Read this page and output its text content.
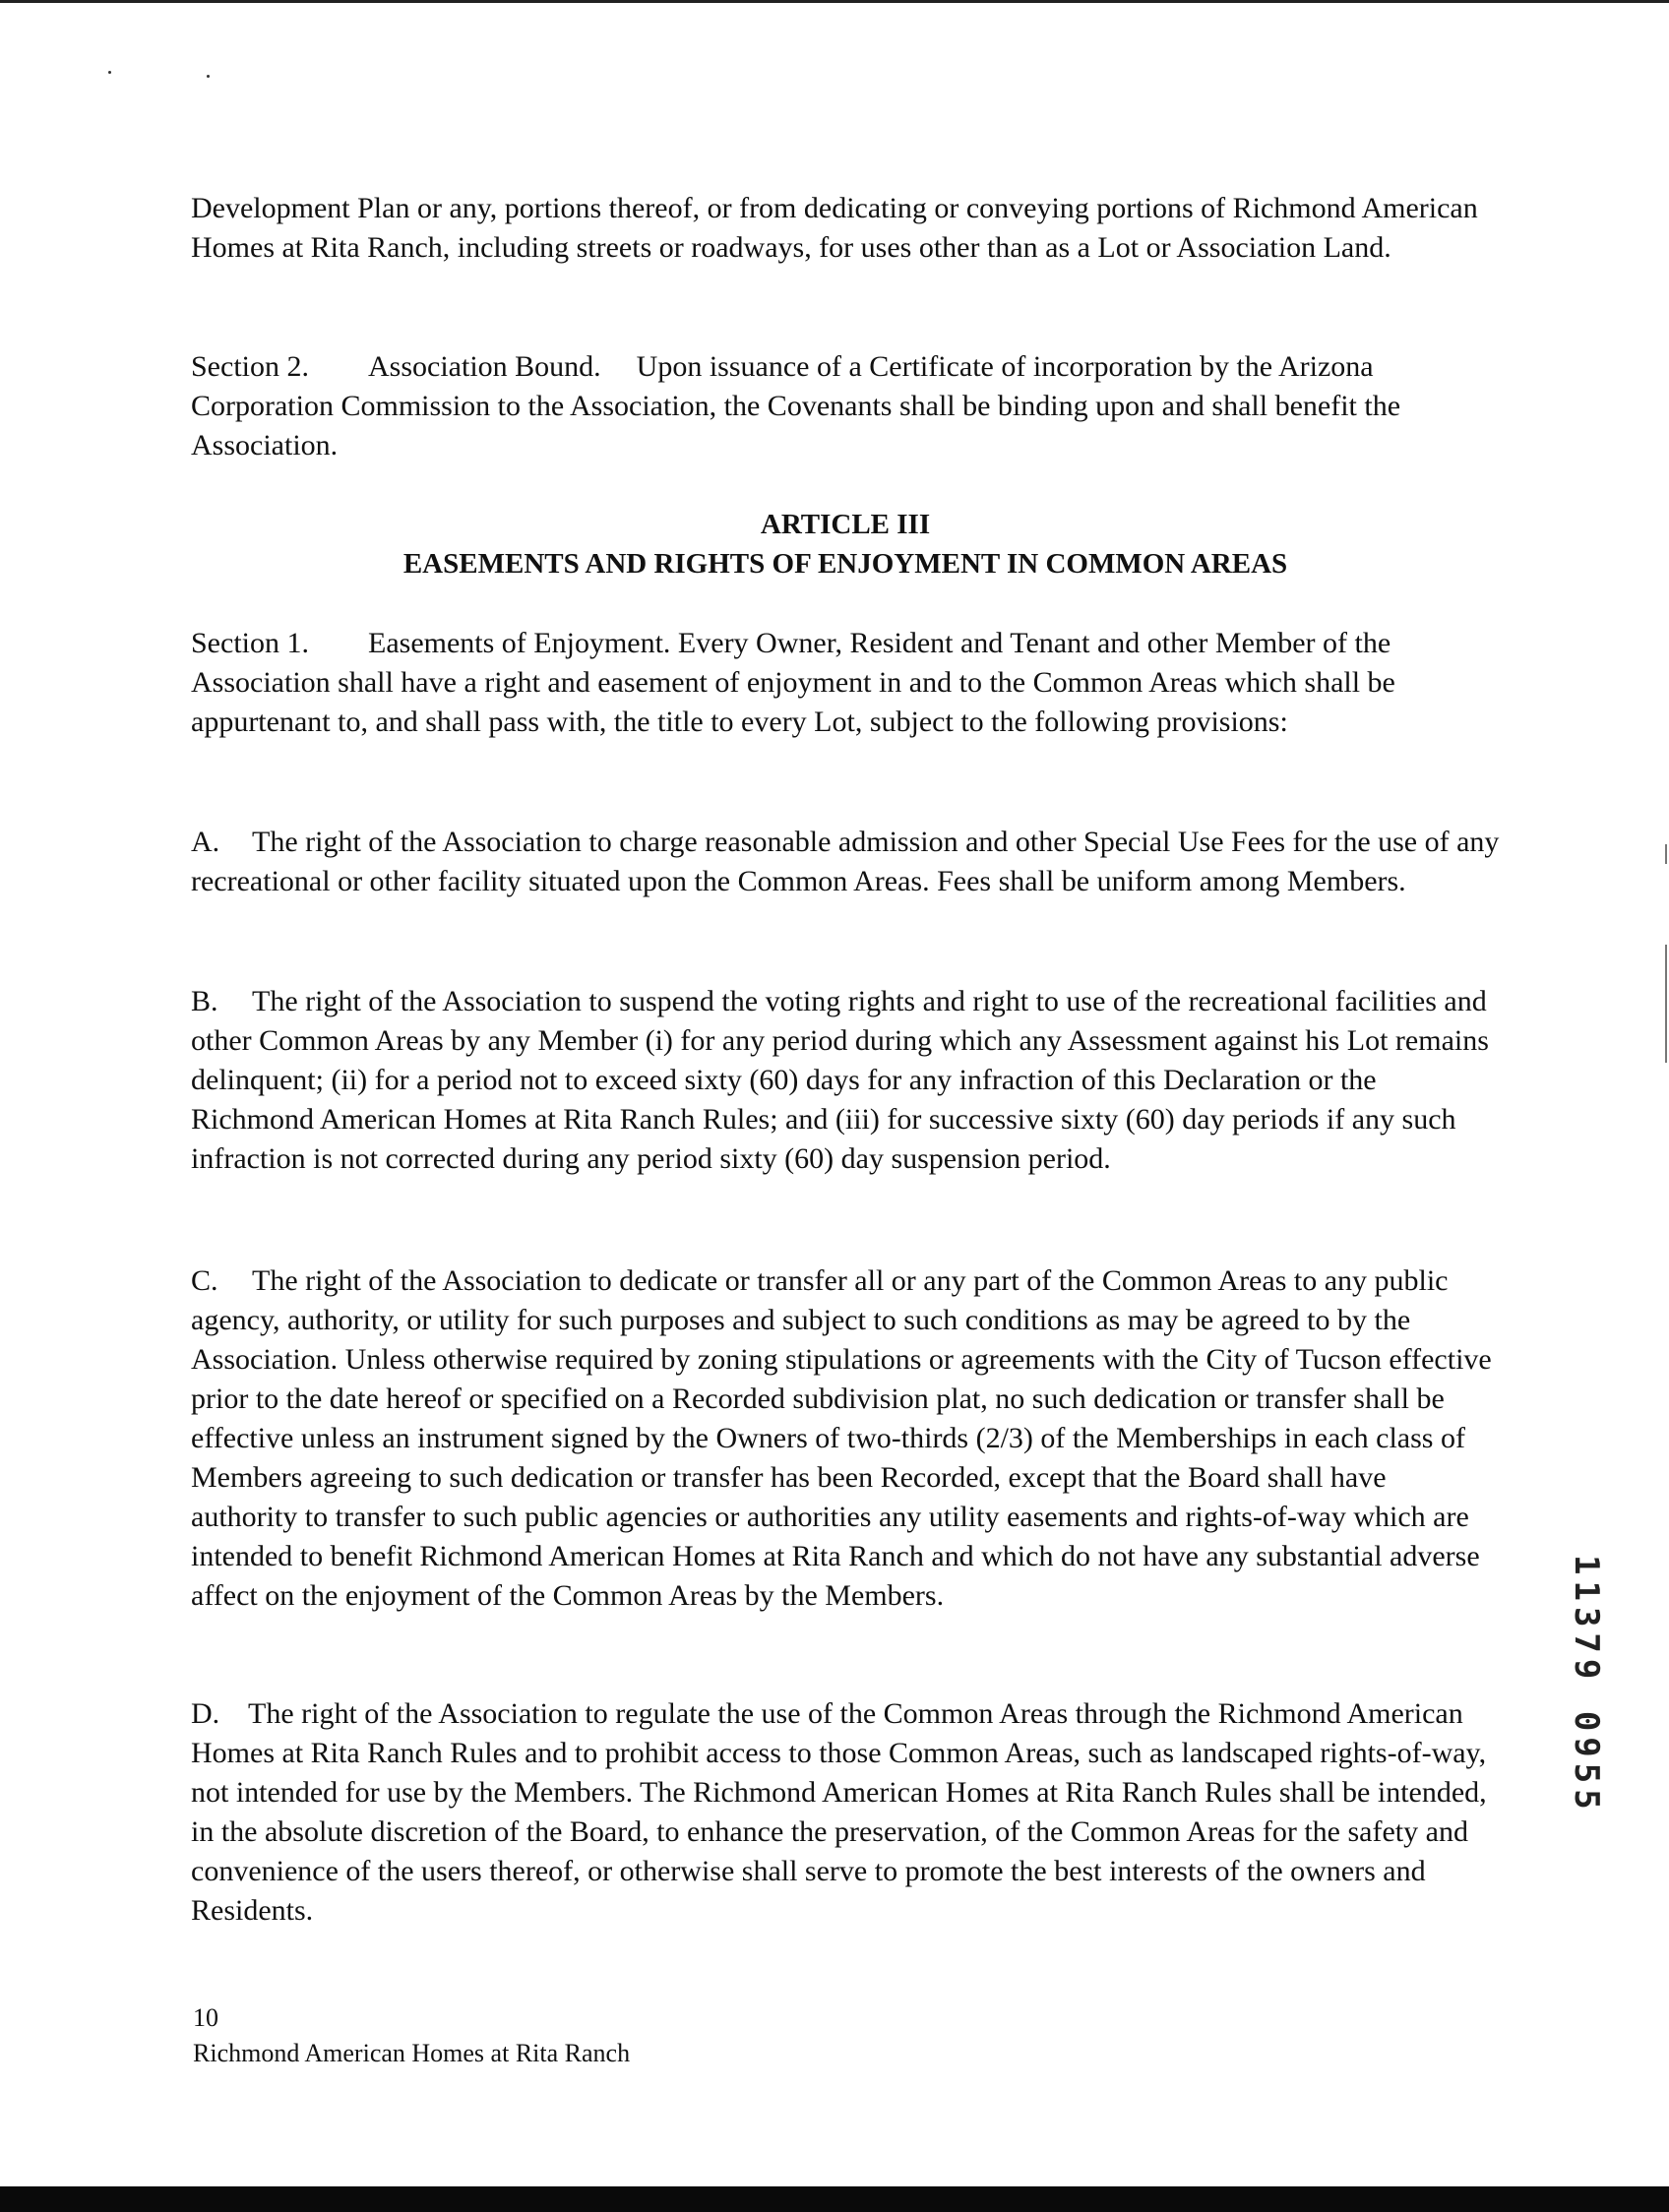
Development Plan or any, portions thereof, or from dedicating or conveying portions of Richmond American Homes at Rita Ranch, including streets or roadways, for uses other than as a Lot or Association Land.

Section 2. Association Bound. Upon issuance of a Certificate of incorporation by the Arizona Corporation Commission to the Association, the Covenants shall be binding upon and shall benefit the Association.

ARTICLE III

EASEMENTS AND RIGHTS OF ENJOYMENT IN COMMON AREAS

Section 1. Easements of Enjoyment. Every Owner, Resident and Tenant and other Member of the Association shall have a right and easement of enjoyment in and to the Common Areas which shall be appurtenant to, and shall pass with, the title to every Lot, subject to the following provisions:

A. The right of the Association to charge reasonable admission and other Special Use Fees for the use of any recreational or other facility situated upon the Common Areas. Fees shall be uniform among Members.

B. The right of the Association to suspend the voting rights and right to use of the recreational facilities and other Common Areas by any Member (i) for any period during which any Assessment against his Lot remains delinquent; (ii) for a period not to exceed sixty (60) days for any infraction of this Declaration or the Richmond American Homes at Rita Ranch Rules; and (iii) for successive sixty (60) day periods if any such infraction is not corrected during any period sixty (60) day suspension period.

C. The right of the Association to dedicate or transfer all or any part of the Common Areas to any public agency, authority, or utility for such purposes and subject to such conditions as may be agreed to by the Association. Unless otherwise required by zoning stipulations or agreements with the City of Tucson effective prior to the date hereof or specified on a Recorded subdivision plat, no such dedication or transfer shall be effective unless an instrument signed by the Owners of two-thirds (2/3) of the Memberships in each class of Members agreeing to such dedication or transfer has been Recorded, except that the Board shall have authority to transfer to such public agencies or authorities any utility easements and rights-of-way which are intended to benefit Richmond American Homes at Rita Ranch and which do not have any substantial adverse affect on the enjoyment of the Common Areas by the Members.

D. The right of the Association to regulate the use of the Common Areas through the Richmond American Homes at Rita Ranch Rules and to prohibit access to those Common Areas, such as landscaped rights-of-way, not intended for use by the Members. The Richmond American Homes at Rita Ranch Rules shall be intended, in the absolute discretion of the Board, to enhance the preservation, of the Common Areas for the safety and convenience of the users thereof, or otherwise shall serve to promote the best interests of the owners and Residents.

10

Richmond American Homes at Rita Ranch

11379 0955
